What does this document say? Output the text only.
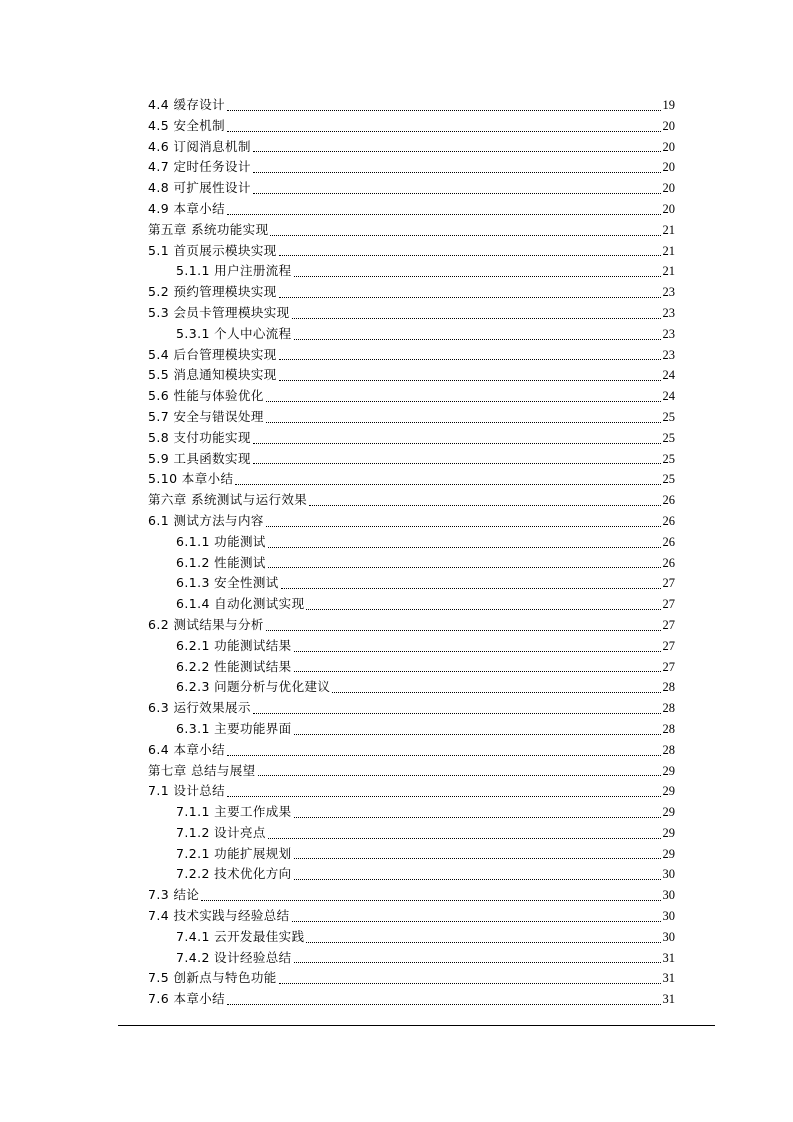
4.4 缓存设计	19
4.5 安全机制	20
4.6 订阅消息机制	20
4.7 定时任务设计	20
4.8 可扩展性设计	20
4.9 本章小结	20
第五章 系统功能实现	21
5.1 首页展示模块实现	21
5.1.1 用户注册流程	21
5.2 预约管理模块实现	23
5.3 会员卡管理模块实现	23
5.3.1 个人中心流程	23
5.4 后台管理模块实现	23
5.5 消息通知模块实现	24
5.6 性能与体验优化	24
5.7 安全与错误处理	25
5.8 支付功能实现	25
5.9 工具函数实现	25
5.10 本章小结	25
第六章 系统测试与运行效果	26
6.1 测试方法与内容	26
6.1.1 功能测试	26
6.1.2 性能测试	26
6.1.3 安全性测试	27
6.1.4 自动化测试实现	27
6.2 测试结果与分析	27
6.2.1 功能测试结果	27
6.2.2 性能测试结果	27
6.2.3 问题分析与优化建议	28
6.3 运行效果展示	28
6.3.1 主要功能界面	28
6.4 本章小结	28
第七章 总结与展望	29
7.1 设计总结	29
7.1.1 主要工作成果	29
7.1.2 设计亮点	29
7.2.1 功能扩展规划	29
7.2.2 技术优化方向	30
7.3 结论	30
7.4 技术实践与经验总结	30
7.4.1 云开发最佳实践	30
7.4.2 设计经验总结	31
7.5 创新点与特色功能	31
7.6 本章小结	31
